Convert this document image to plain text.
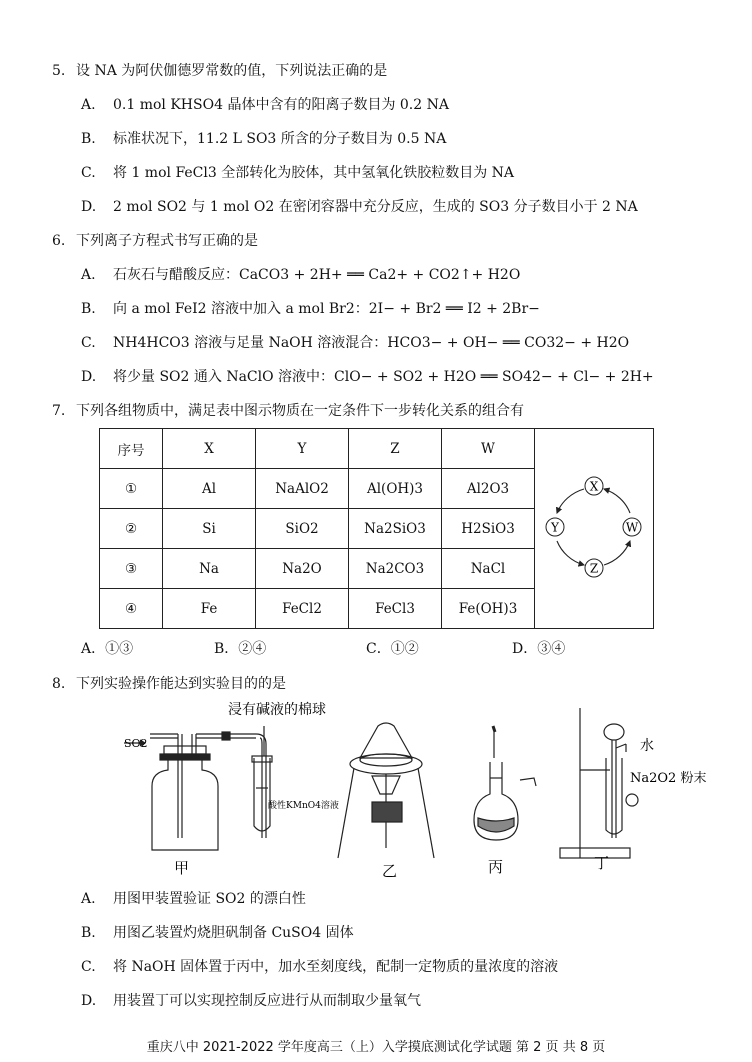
5. 设 NA 为阿伏伽德罗常数的值，下列说法正确的是
A. 0.1 mol KHSO4 晶体中含有的阳离子数目为 0.2 NA
B. 标准状况下，11.2 L SO3 所含的分子数目为 0.5 NA
C. 将 1 mol FeCl3 全部转化为胶体，其中氢氧化铁胶粒数目为 NA
D. 2 mol SO2 与 1 mol O2 在密闭容器中充分反应，生成的 SO3 分子数目小于 2 NA
6. 下列离子方程式书写正确的是
A. 石灰石与醋酸反应：CaCO3 + 2H+ ══ Ca2+ + CO2↑+ H2O
B. 向 a mol FeI2 溶液中加入 a mol Br2：2I− + Br2 ══ I2 + 2Br−
C. NH4HCO3 溶液与足量 NaOH 溶液混合：HCO3− + OH− ══ CO32− + H2O
D. 将少量 SO2 通入 NaClO 溶液中：ClO− + SO2 + H2O ══ SO42− + Cl− + 2H+
7. 下列各组物质中，满足表中图示物质在一定条件下一步转化关系的组合有
序号	X	Y	Z	W	X
W
Z
Y

①	Al	NaAlO2	Al(OH)3	Al2O3	
②	Si	SiO2	Na2SiO3	H2SiO3	
③	Na	Na2O	Na2CO3	NaCl	
④	Fe	FeCl2	FeCl3	Fe(OH)3	
A．①③	B．②④	C．①②	D．③④
8. 下列实验操作能达到实验目的的是
SO2
浸有碱液的棉球
酸性KMnO4溶液
水
Na2O2 粉末
甲	乙	丙	丁
A. 用图甲装置验证 SO2 的漂白性
B. 用图乙装置灼烧胆矾制备 CuSO4 固体
C. 将 NaOH 固体置于丙中，加水至刻度线，配制一定物质的量浓度的溶液
D. 用装置丁可以实现控制反应进行从而制取少量氧气
重庆八中 2021-2022 学年度高三（上）入学摸底测试化学试题 第 2 页 共 8 页
